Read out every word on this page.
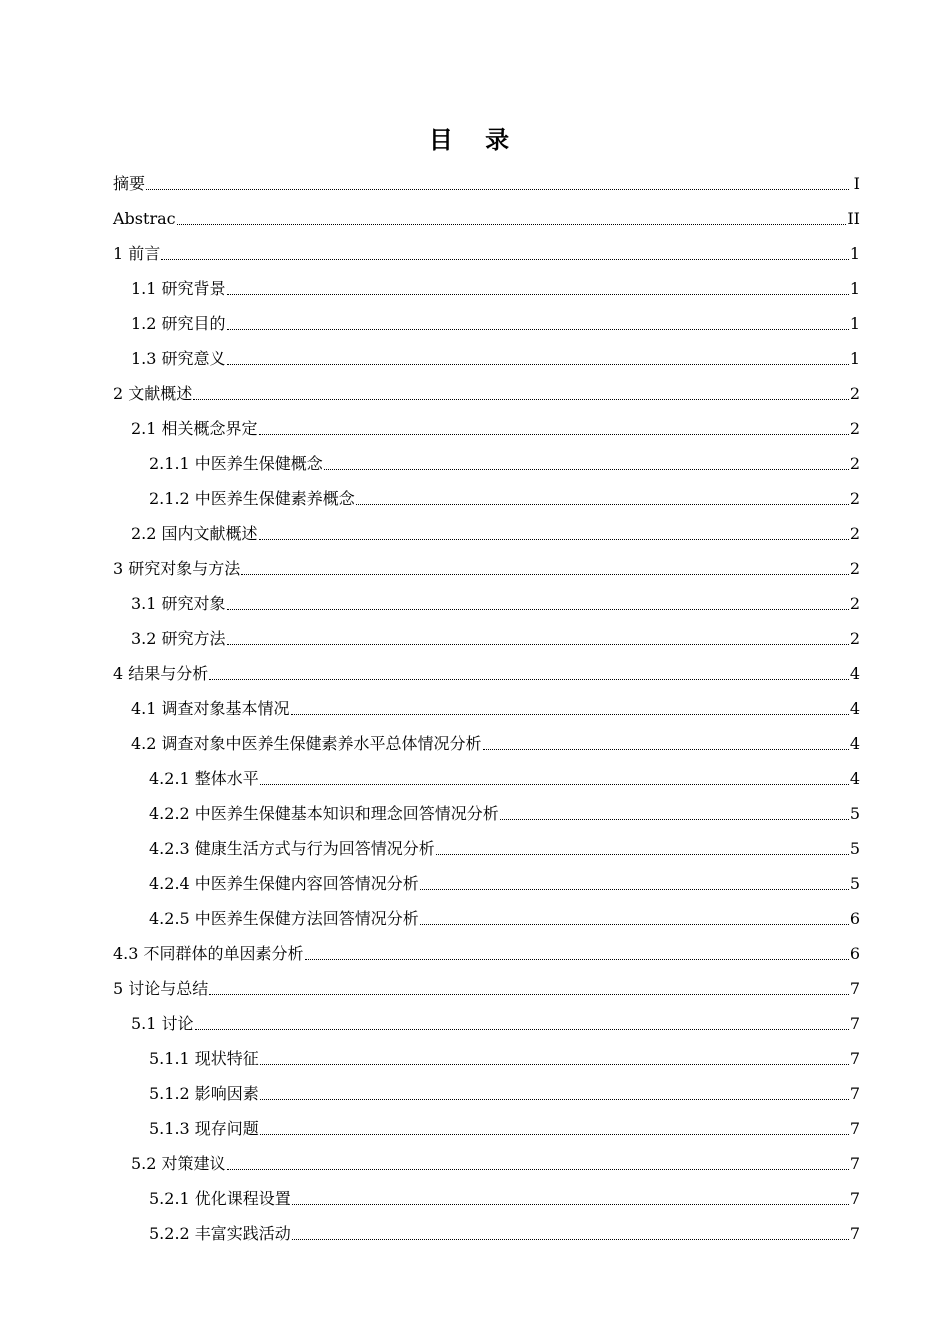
目 录
摘要	I
Abstrac	II
1 前言	1
1.1 研究背景	1
1.2 研究目的	1
1.3 研究意义	1
2 文献概述	2
2.1 相关概念界定	2
2.1.1 中医养生保健概念	2
2.1.2 中医养生保健素养概念	2
2.2 国内文献概述	2
3 研究对象与方法	2
3.1 研究对象	2
3.2 研究方法	2
4 结果与分析	4
4.1 调查对象基本情况	4
4.2 调查对象中医养生保健素养水平总体情况分析	4
4.2.1 整体水平	4
4.2.2 中医养生保健基本知识和理念回答情况分析	5
4.2.3 健康生活方式与行为回答情况分析	5
4.2.4 中医养生保健内容回答情况分析	5
4.2.5 中医养生保健方法回答情况分析	6
4.3 不同群体的单因素分析	6
5 讨论与总结	7
5.1 讨论	7
5.1.1 现状特征	7
5.1.2 影响因素	7
5.1.3 现存问题	7
5.2 对策建议	7
5.2.1 优化课程设置	7
5.2.2 丰富实践活动	7
